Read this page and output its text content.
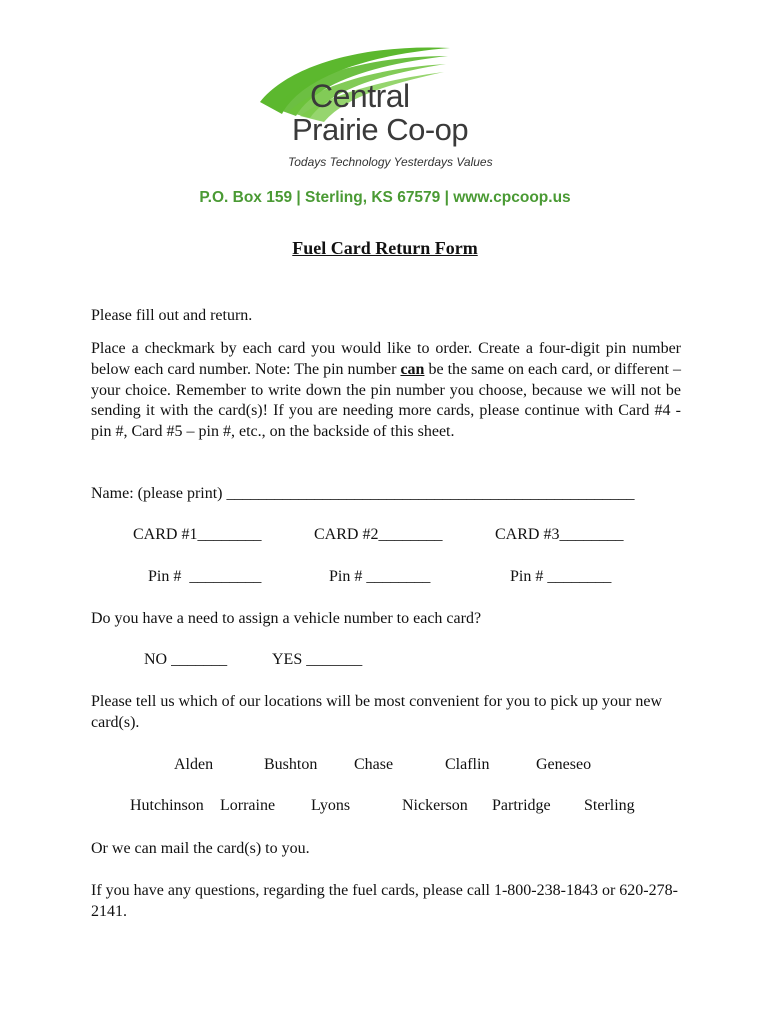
Central
Prairie Co-op
Todays Technology Yesterdays Values
P.O. Box 159 | Sterling, KS 67579 | www.cpcoop.us
Fuel Card Return Form
Please fill out and return.
Place a checkmark by each card you would like to order. Create a four-digit pin number below each card number. Note: The pin number can be the same on each card, or different – your choice. Remember to write down the pin number you choose, because we will not be sending it with the card(s)! If you are needing more cards, please continue with Card #4 - pin #, Card #5 – pin #, etc., on the backside of this sheet.
Name: (please print) ___________________________________________________
CARD #1________	CARD #2________	CARD #3________
Pin #  _________	Pin # ________	Pin # ________
Do you have a need to assign a vehicle number to each card?
NO _______	YES _______
Please tell us which of our locations will be most convenient for you to pick up your new card(s).
Alden	Bushton Chase	Claflin	Geneseo
Hutchinson Lorraine Lyons	Nickerson Partridge Sterling
Or we can mail the card(s) to you.
If you have any questions, regarding the fuel cards, please call 1-800-238-1843 or 620-278-2141.
